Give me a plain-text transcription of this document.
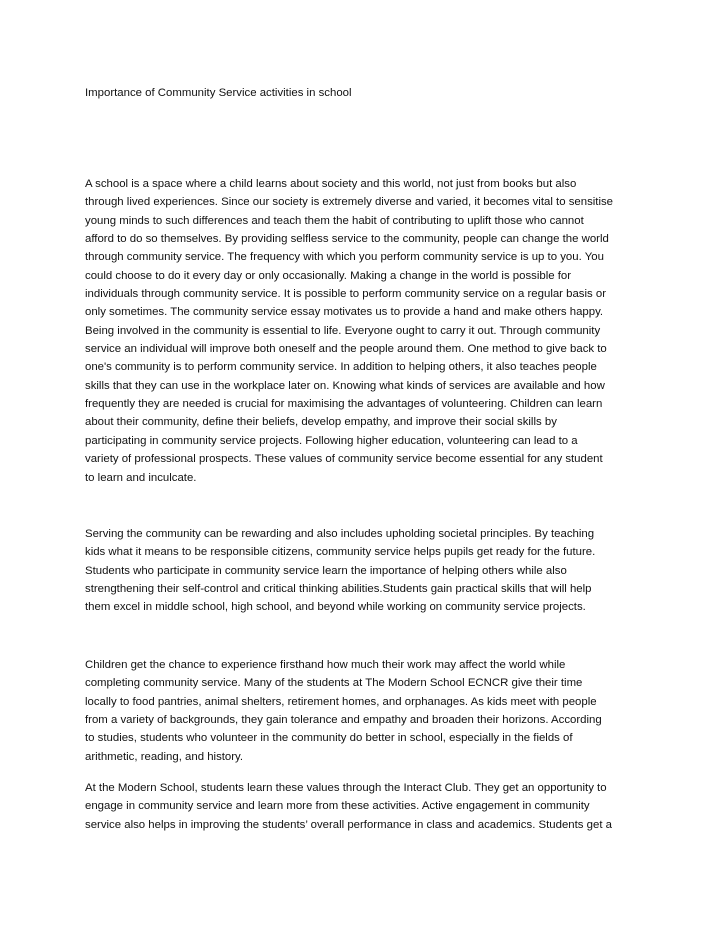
Importance of Community Service activities in school
A school is a space where a child learns about society and this world, not just from books but also
through lived experiences. Since our society is extremely diverse and varied, it becomes vital to sensitise
young minds to such differences and teach them the habit of contributing to uplift those who cannot
afford to do so themselves. By providing selfless service to the community, people can change the world
through community service. The frequency with which you perform community service is up to you. You
could choose to do it every day or only occasionally. Making a change in the world is possible for
individuals through community service. It is possible to perform community service on a regular basis or
only sometimes. The community service essay motivates us to provide a hand and make others happy.
Being involved in the community is essential to life. Everyone ought to carry it out. Through community
service an individual will improve both oneself and the people around them. One method to give back to
one's community is to perform community service. In addition to helping others, it also teaches people
skills that they can use in the workplace later on. Knowing what kinds of services are available and how
frequently they are needed is crucial for maximising the advantages of volunteering. Children can learn
about their community, define their beliefs, develop empathy, and improve their social skills by
participating in community service projects. Following higher education, volunteering can lead to a
variety of professional prospects. These values of community service become essential for any student
to learn and inculcate.
Serving the community can be rewarding and also includes upholding societal principles. By teaching
kids what it means to be responsible citizens, community service helps pupils get ready for the future.
Students who participate in community service learn the importance of helping others while also
strengthening their self-control and critical thinking abilities.Students gain practical skills that will help
them excel in middle school, high school, and beyond while working on community service projects.
Children get the chance to experience firsthand how much their work may affect the world while
completing community service. Many of the students at The Modern School ECNCR give their time
locally to food pantries, animal shelters, retirement homes, and orphanages. As kids meet with people
from a variety of backgrounds, they gain tolerance and empathy and broaden their horizons. According
to studies, students who volunteer in the community do better in school, especially in the fields of
arithmetic, reading, and history.
At the Modern School, students learn these values through the Interact Club. They get an opportunity to
engage in community service and learn more from these activities. Active engagement in community
service also helps in improving the students’ overall performance in class and academics. Students get a
